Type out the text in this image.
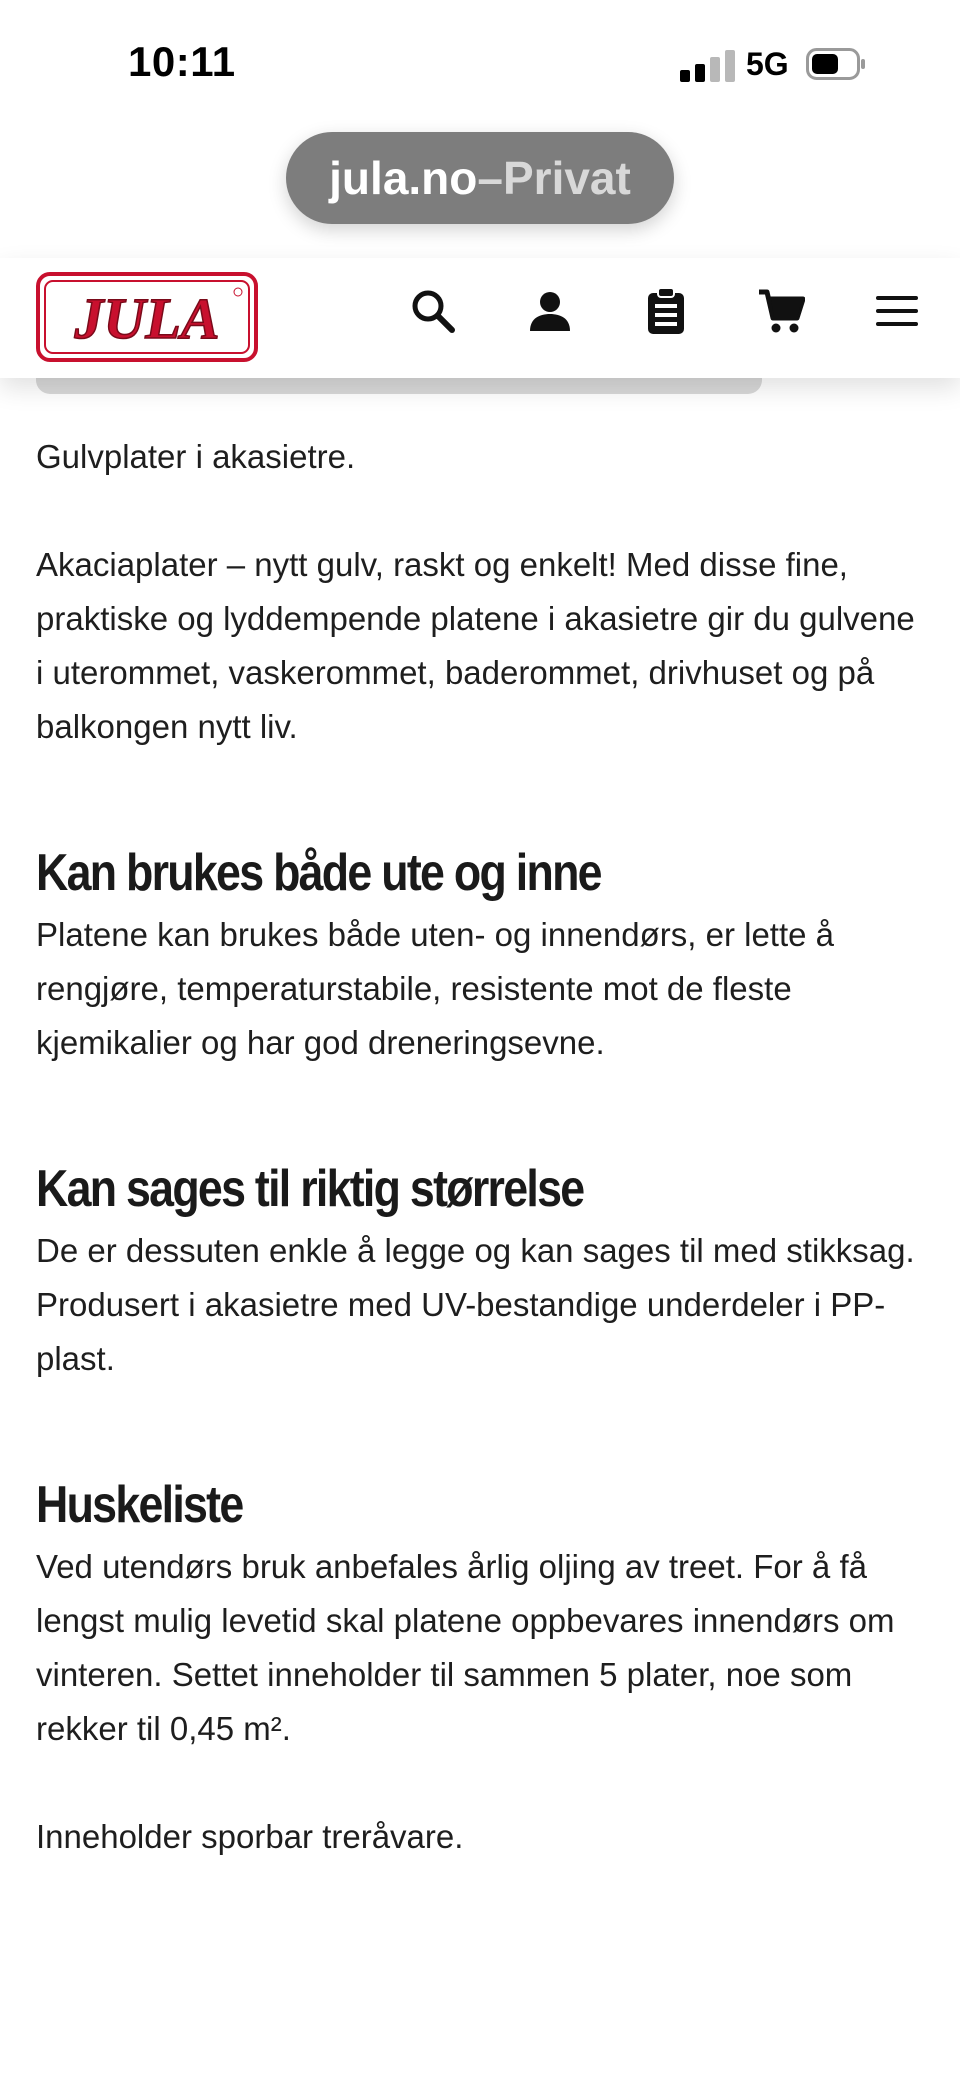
10:11	5G
jula.no – Privat
JULA

Gulvplater i akasietre.

Akaciaplater – nytt gulv, raskt og enkelt! Med disse fine, praktiske og lyddempende platene i akasietre gir du gulvene i uterommet, vaskerommet, baderommet, drivhuset og på balkongen nytt liv.

Kan brukes både ute og inne

Platene kan brukes både uten- og innendørs, er lette å rengjøre, temperaturstabile, resistente mot de fleste kjemikalier og har god dreneringsevne.

Kan sages til riktig størrelse

De er dessuten enkle å legge og kan sages til med stikksag. Produsert i akasietre med UV-bestandige underdeler i PP-plast.

Huskeliste

Ved utendørs bruk anbefales årlig oljing av treet. For å få lengst mulig levetid skal platene oppbevares innendørs om vinteren. Settet inneholder til sammen 5 plater, noe som rekker til 0,45 m².

Inneholder sporbar treråvare.
